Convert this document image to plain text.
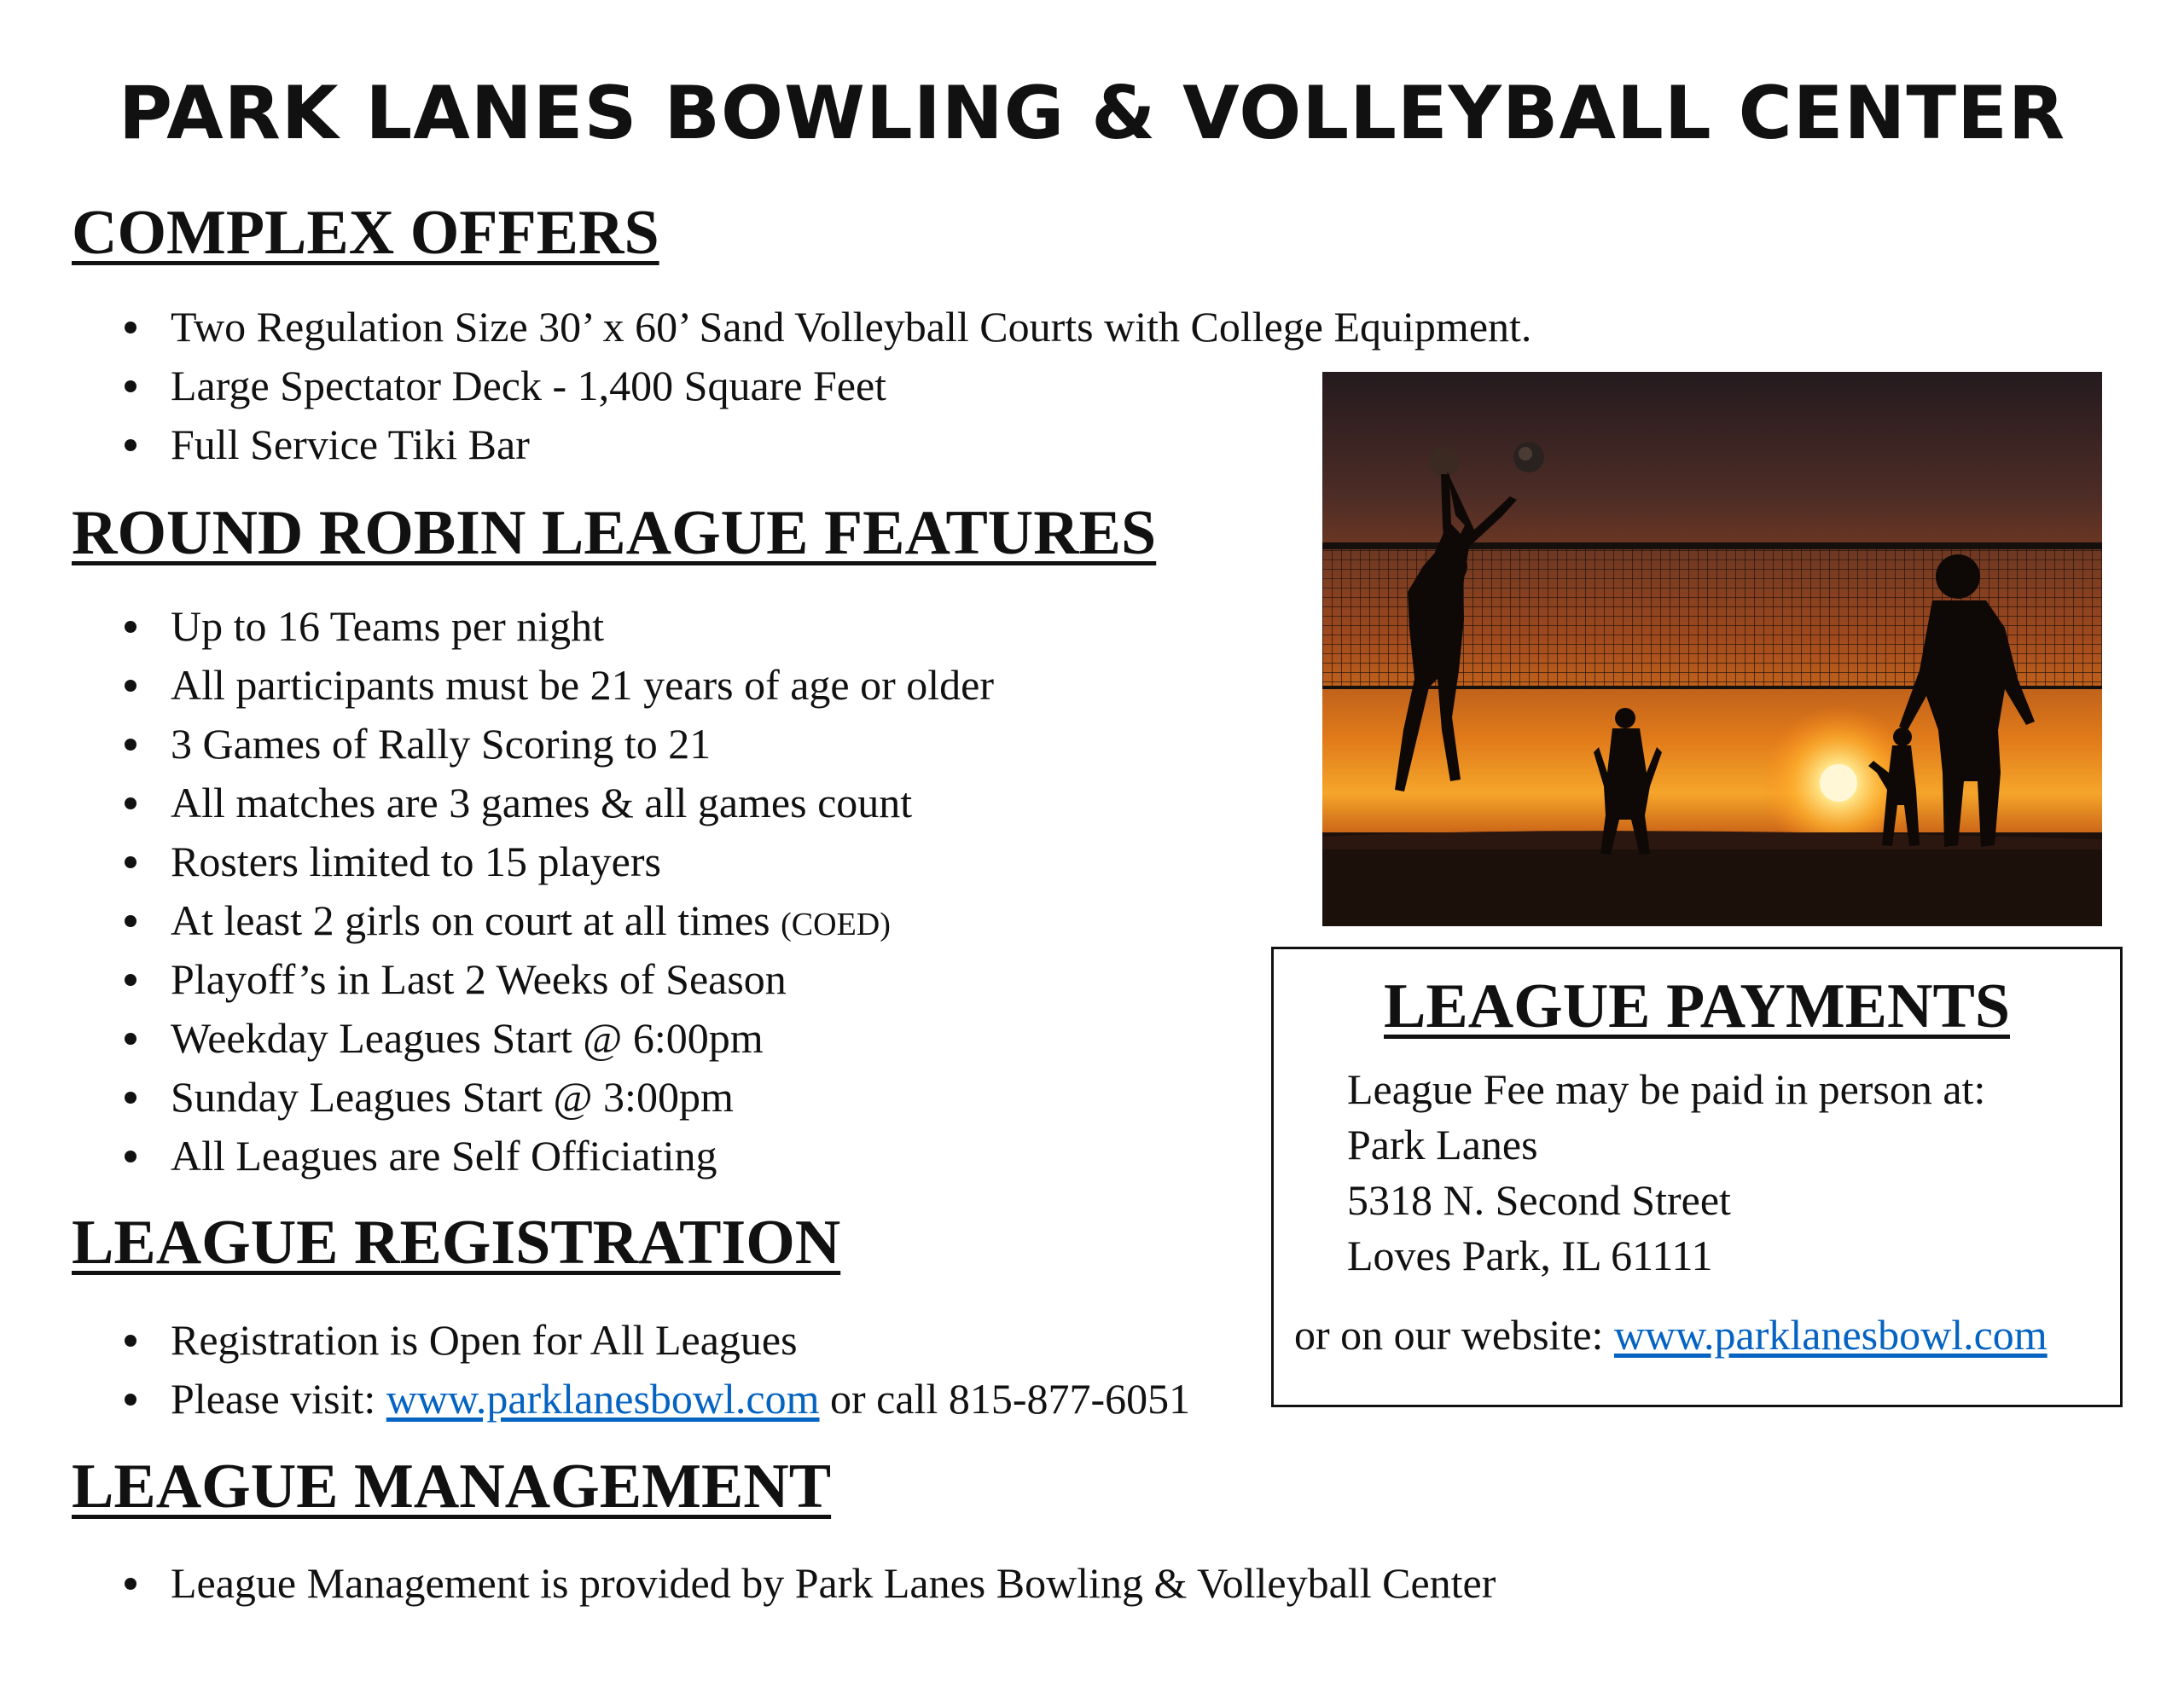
PARK LANES BOWLING & VOLLEYBALL CENTER
COMPLEX OFFERS
Two Regulation Size 30’ x 60’ Sand Volleyball Courts with College Equipment.
Large Spectator Deck - 1,400 Square Feet
Full Service Tiki Bar
ROUND ROBIN LEAGUE FEATURES
Up to 16 Teams per night
All participants must be 21 years of age or older
3 Games of Rally Scoring to 21
All matches are 3 games & all games count
Rosters limited to 15 players
At least 2 girls on court at all times (COED)
Playoff’s in Last 2 Weeks of Season
Weekday Leagues Start @ 6:00pm
Sunday Leagues Start @ 3:00pm
All Leagues are Self Officiating
LEAGUE REGISTRATION
Registration is Open for All Leagues
Please visit: www.parklanesbowl.com or call 815-877-6051
LEAGUE MANAGEMENT
League Management is provided by Park Lanes Bowling & Volleyball Center
LEAGUE PAYMENTS
League Fee may be paid in person at:
Park Lanes
5318 N. Second Street
Loves Park, IL 61111
or on our website: www.parklanesbowl.com
